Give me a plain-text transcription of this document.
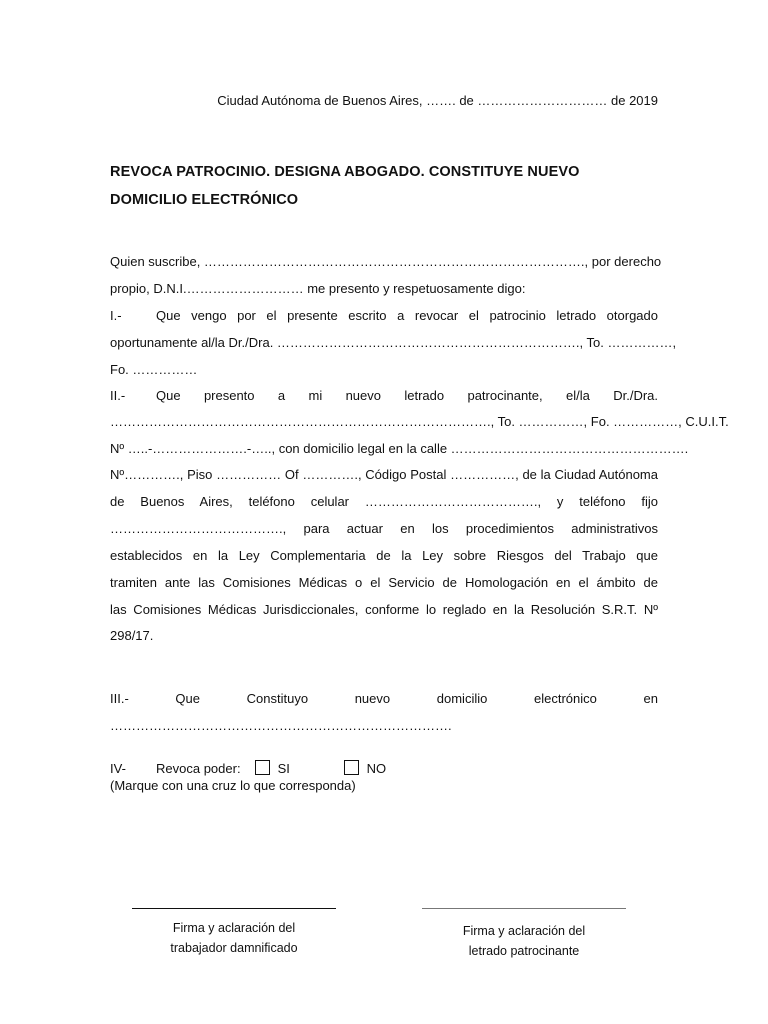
Ciudad Autónoma de Buenos Aires, ……. de ………………………… de 2019
REVOCA PATROCINIO. DESIGNA ABOGADO. CONSTITUYE NUEVO DOMICILIO ELECTRÓNICO
Quien suscribe, ……………………………………………………………………………., por derecho
propio, D.N.I.……………………… me presento y respetuosamente digo:
I.-	Que vengo por el presente escrito a revocar el patrocinio letrado otorgado
oportunamente al/la Dr./Dra. ……………………………………………………………., To. ……………,
Fo. ……………
II.- Que presento a mi nuevo letrado patrocinante, el/la Dr./Dra.
……………………………………………………………………………., To. ……………, Fo. ……………, C.U.I.T.
Nº …..-………………….-….., con domicilio legal en la calle ……………………………………………….
Nº…………., Piso …………… Of …………., Código Postal ……………, de la Ciudad Autónoma
de Buenos Aires, teléfono celular …………………………………., y teléfono fijo
…………………………………., para actuar en los procedimientos administrativos
establecidos en la Ley Complementaria de la Ley sobre Riesgos del Trabajo que
tramiten ante las Comisiones Médicas o el Servicio de Homologación en el ámbito de
las Comisiones Médicas Jurisdiccionales, conforme lo reglado en la Resolución S.R.T. Nº
298/17.
III.-	Que	Constituyo	nuevo	domicilio	electrónico	en
…………………………………………………………………….
IV- Revoca poder:	SI	NO
(Marque con una cruz lo que corresponda)
Firma y aclaración del
trabajador damnificado
Firma y aclaración del
letrado patrocinante
